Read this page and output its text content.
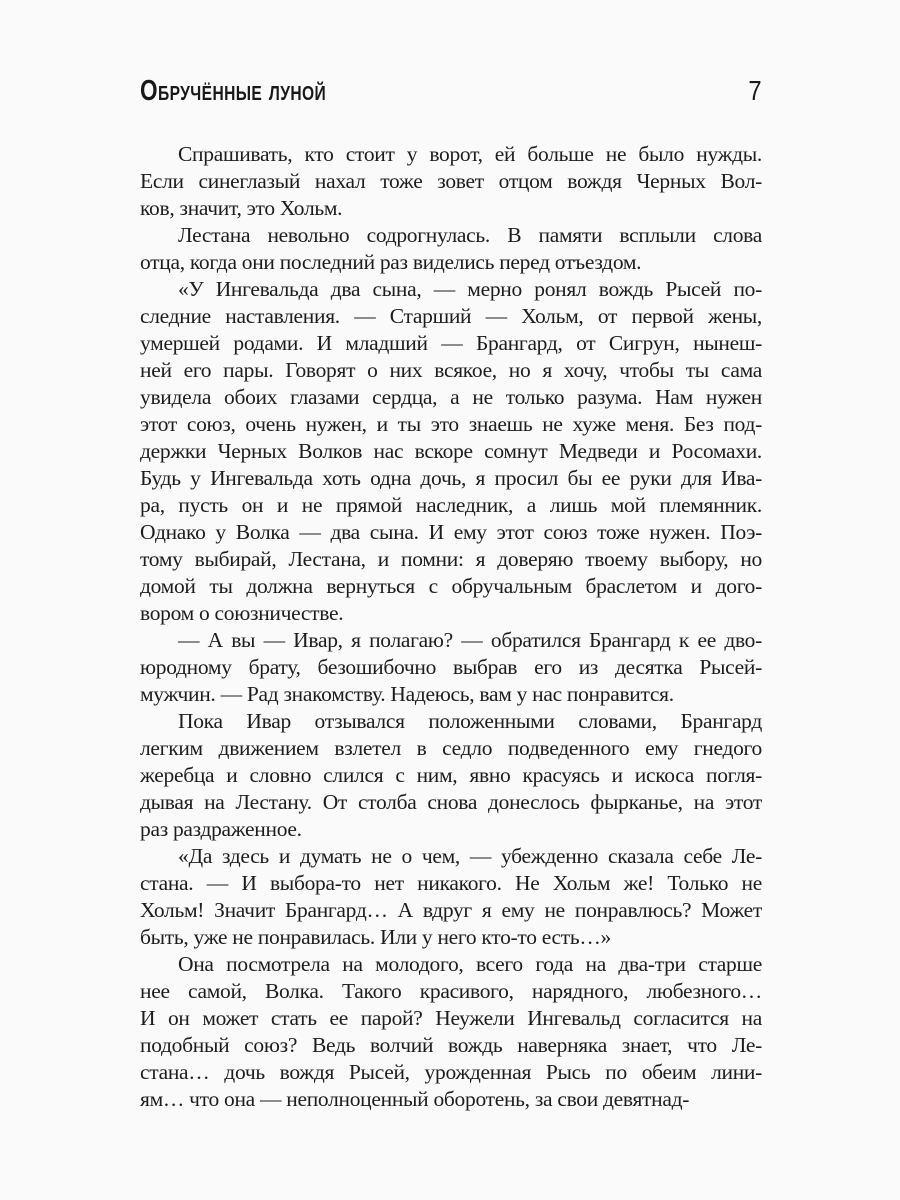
Обручённые луной	7
Спрашивать, кто стоит у ворот, ей больше не было нужды.
Если синеглазый нахал тоже зовет отцом вождя Черных Вол-
ков, значит, это Хольм.
Лестана невольно содрогнулась. В памяти всплыли слова
отца, когда они последний раз виделись перед отъездом.
«У Ингевальда два сына, — мерно ронял вождь Рысей по-
следние наставления. — Старший — Хольм, от первой жены,
умершей родами. И младший — Брангард, от Сигрун, нынеш-
ней его пары. Говорят о них всякое, но я хочу, чтобы ты сама
увидела обоих глазами сердца, а не только разума. Нам нужен
этот союз, очень нужен, и ты это знаешь не хуже меня. Без под-
держки Черных Волков нас вскоре сомнут Медведи и Росомахи.
Будь у Ингевальда хоть одна дочь, я просил бы ее руки для Ива-
ра, пусть он и не прямой наследник, а лишь мой племянник.
Однако у Волка — два сына. И ему этот союз тоже нужен. Поэ-
тому выбирай, Лестана, и помни: я доверяю твоему выбору, но
домой ты должна вернуться с обручальным браслетом и дого-
вором о союзничестве.
— А вы — Ивар, я полагаю? — обратился Брангард к ее дво-
юродному брату, безошибочно выбрав его из десятка Рысей-
мужчин. — Рад знакомству. Надеюсь, вам у нас понравится.
Пока Ивар отзывался положенными словами, Брангард
легким движением взлетел в седло подведенного ему гнедого
жеребца и словно слился с ним, явно красуясь и искоса погля-
дывая на Лестану. От столба снова донеслось фырканье, на этот
раз раздраженное.
«Да здесь и думать не о чем, — убежденно сказала себе Ле-
стана. — И выбора-то нет никакого. Не Хольм же! Только не
Хольм! Значит Брангард… А вдруг я ему не понравлюсь? Может
быть, уже не понравилась. Или у него кто-то есть…»
Она посмотрела на молодого, всего года на два-три старше
нее самой, Волка. Такого красивого, нарядного, любезного…
И он может стать ее парой? Неужели Ингевальд согласится на
подобный союз? Ведь волчий вождь наверняка знает, что Ле-
стана… дочь вождя Рысей, урожденная Рысь по обеим лини-
ям… что она — неполноценный оборотень, за свои девятнад-
